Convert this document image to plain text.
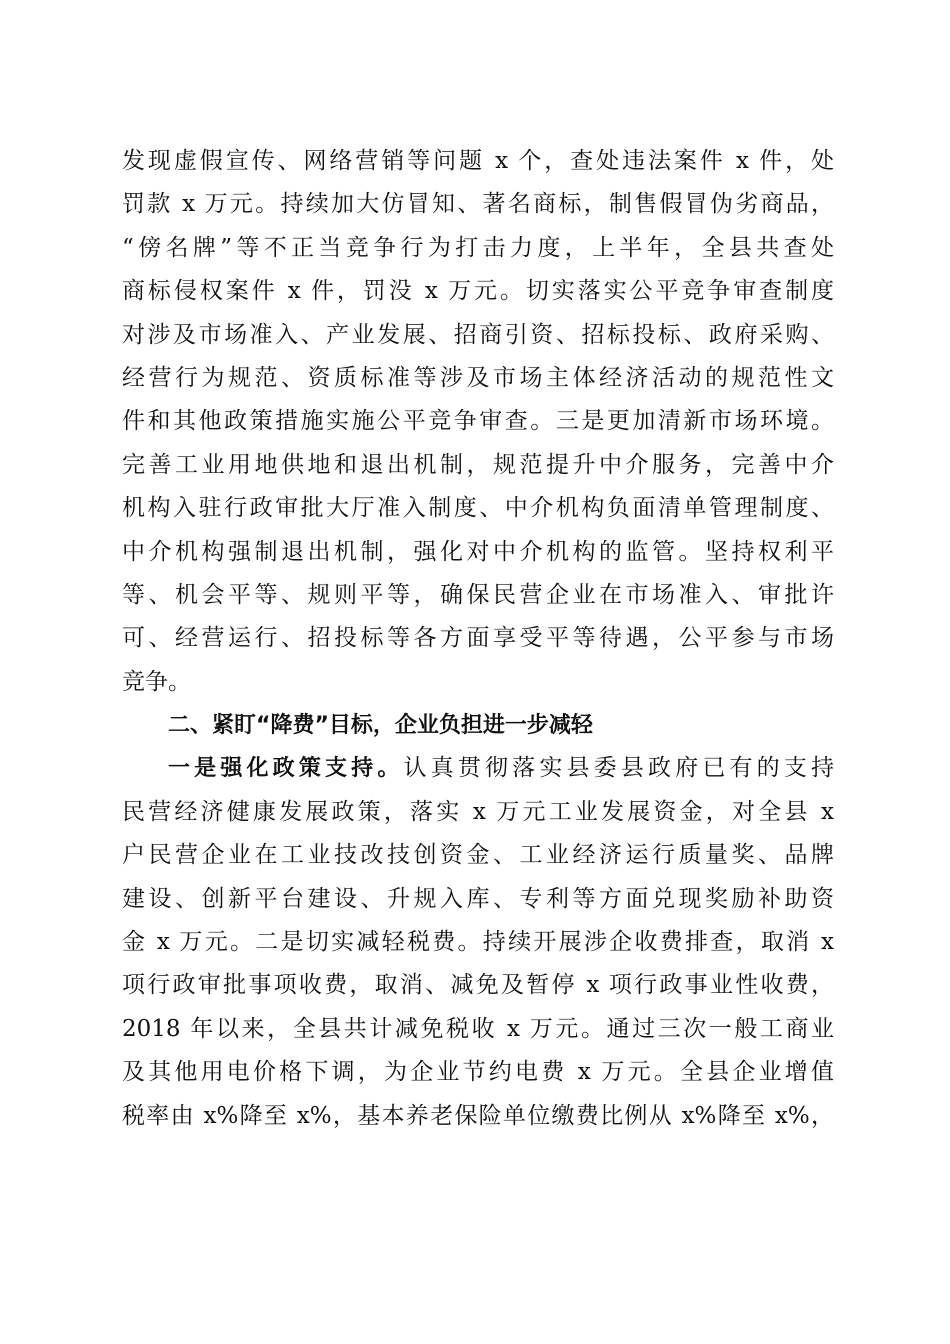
发现虚假宣传、网络营销等问题 x 个，查处违法案件 x 件，处
罚款 x 万元。持续加大仿冒知、著名商标，制售假冒伪劣商品，
“傍名牌”等不正当竞争行为打击力度，上半年，全县共查处
商标侵权案件 x 件，罚没 x 万元。切实落实公平竞争审查制度
对涉及市场准入、产业发展、招商引资、招标投标、政府采购、
经营行为规范、资质标准等涉及市场主体经济活动的规范性文
件和其他政策措施实施公平竞争审查。三是更加清新市场环境。
完善工业用地供地和退出机制，规范提升中介服务，完善中介
机构入驻行政审批大厅准入制度、中介机构负面清单管理制度、
中介机构强制退出机制，强化对中介机构的监管。坚持权利平
等、机会平等、规则平等，确保民营企业在市场准入、审批许
可、经营运行、招投标等各方面享受平等待遇，公平参与市场
竞争。
二、紧盯“降费”目标，企业负担进一步减轻
一是强化政策支持。认真贯彻落实县委县政府已有的支持
民营经济健康发展政策，落实 x 万元工业发展资金，对全县 x
户民营企业在工业技改技创资金、工业经济运行质量奖、品牌
建设、创新平台建设、升规入库、专利等方面兑现奖励补助资
金 x 万元。二是切实减轻税费。持续开展涉企收费排查，取消 x
项行政审批事项收费，取消、减免及暂停 x 项行政事业性收费，
2018 年以来，全县共计减免税收 x 万元。通过三次一般工商业
及其他用电价格下调，为企业节约电费 x 万元。全县企业增值
税率由 x%降至 x%，基本养老保险单位缴费比例从 x%降至 x%，
